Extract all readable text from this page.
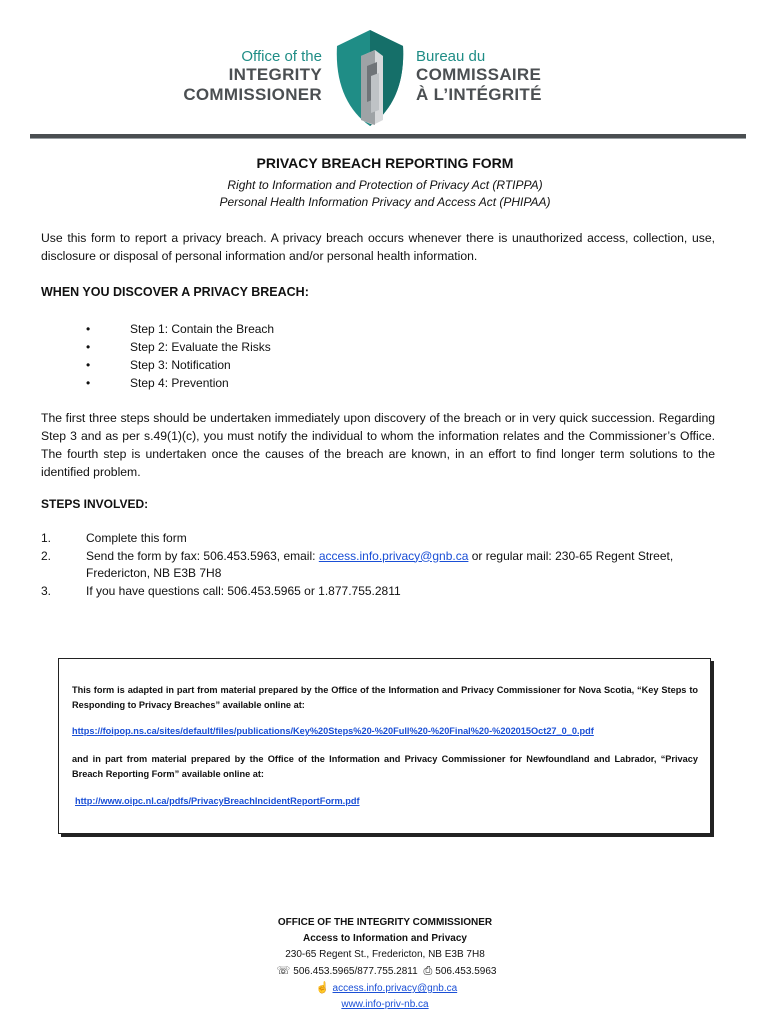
Office of the
INTEGRITY
COMMISSIONER
Bureau du
COMMISSAIRE
À L’INTÉGRITÉ
PRIVACY BREACH REPORTING FORM
Right to Information and Protection of Privacy Act (RTIPPA)
Personal Health Information Privacy and Access Act (PHIPAA)
Use this form to report a privacy breach. A privacy breach occurs whenever there is unauthorized access, collection, use, disclosure or disposal of personal information and/or personal health information.
WHEN YOU DISCOVER A PRIVACY BREACH:
• Step 1: Contain the Breach
• Step 2: Evaluate the Risks
• Step 3: Notification
• Step 4: Prevention
The first three steps should be undertaken immediately upon discovery of the breach or in very quick succession. Regarding Step 3 and as per s.49(1)(c), you must notify the individual to whom the information relates and the Commissioner’s Office. The fourth step is undertaken once the causes of the breach are known, in an effort to find longer term solutions to the identified problem.
STEPS INVOLVED:
1.	Complete this form
2.	Send the form by fax: 506.453.5963, email: access.info.privacy@gnb.ca or regular mail: 230-65 Regent Street, Fredericton, NB E3B 7H8
3.	If you have questions call: 506.453.5965 or 1.877.755.2811

This form is adapted in part from material prepared by the Office of the Information and Privacy Commissioner for Nova Scotia, “Key Steps to Responding to Privacy Breaches” available online at:

https://foipop.ns.ca/sites/default/files/publications/Key%20Steps%20-%20Full%20-%20Final%20-%202015Oct27_0_0.pdf

and in part from material prepared by the Office of the Information and Privacy Commissioner for Newfoundland and Labrador, “Privacy Breach Reporting Form” available online at:

http://www.oipc.nl.ca/pdfs/PrivacyBreachIncidentReportForm.pdf

OFFICE OF THE INTEGRITY COMMISSIONER
Access to Information and Privacy
230-65 Regent St., Fredericton, NB E3B 7H8
☏ 506.453.5965/877.755.2811 ⎙ 506.453.5963
☝ access.info.privacy@gnb.ca
www.info-priv-nb.ca
